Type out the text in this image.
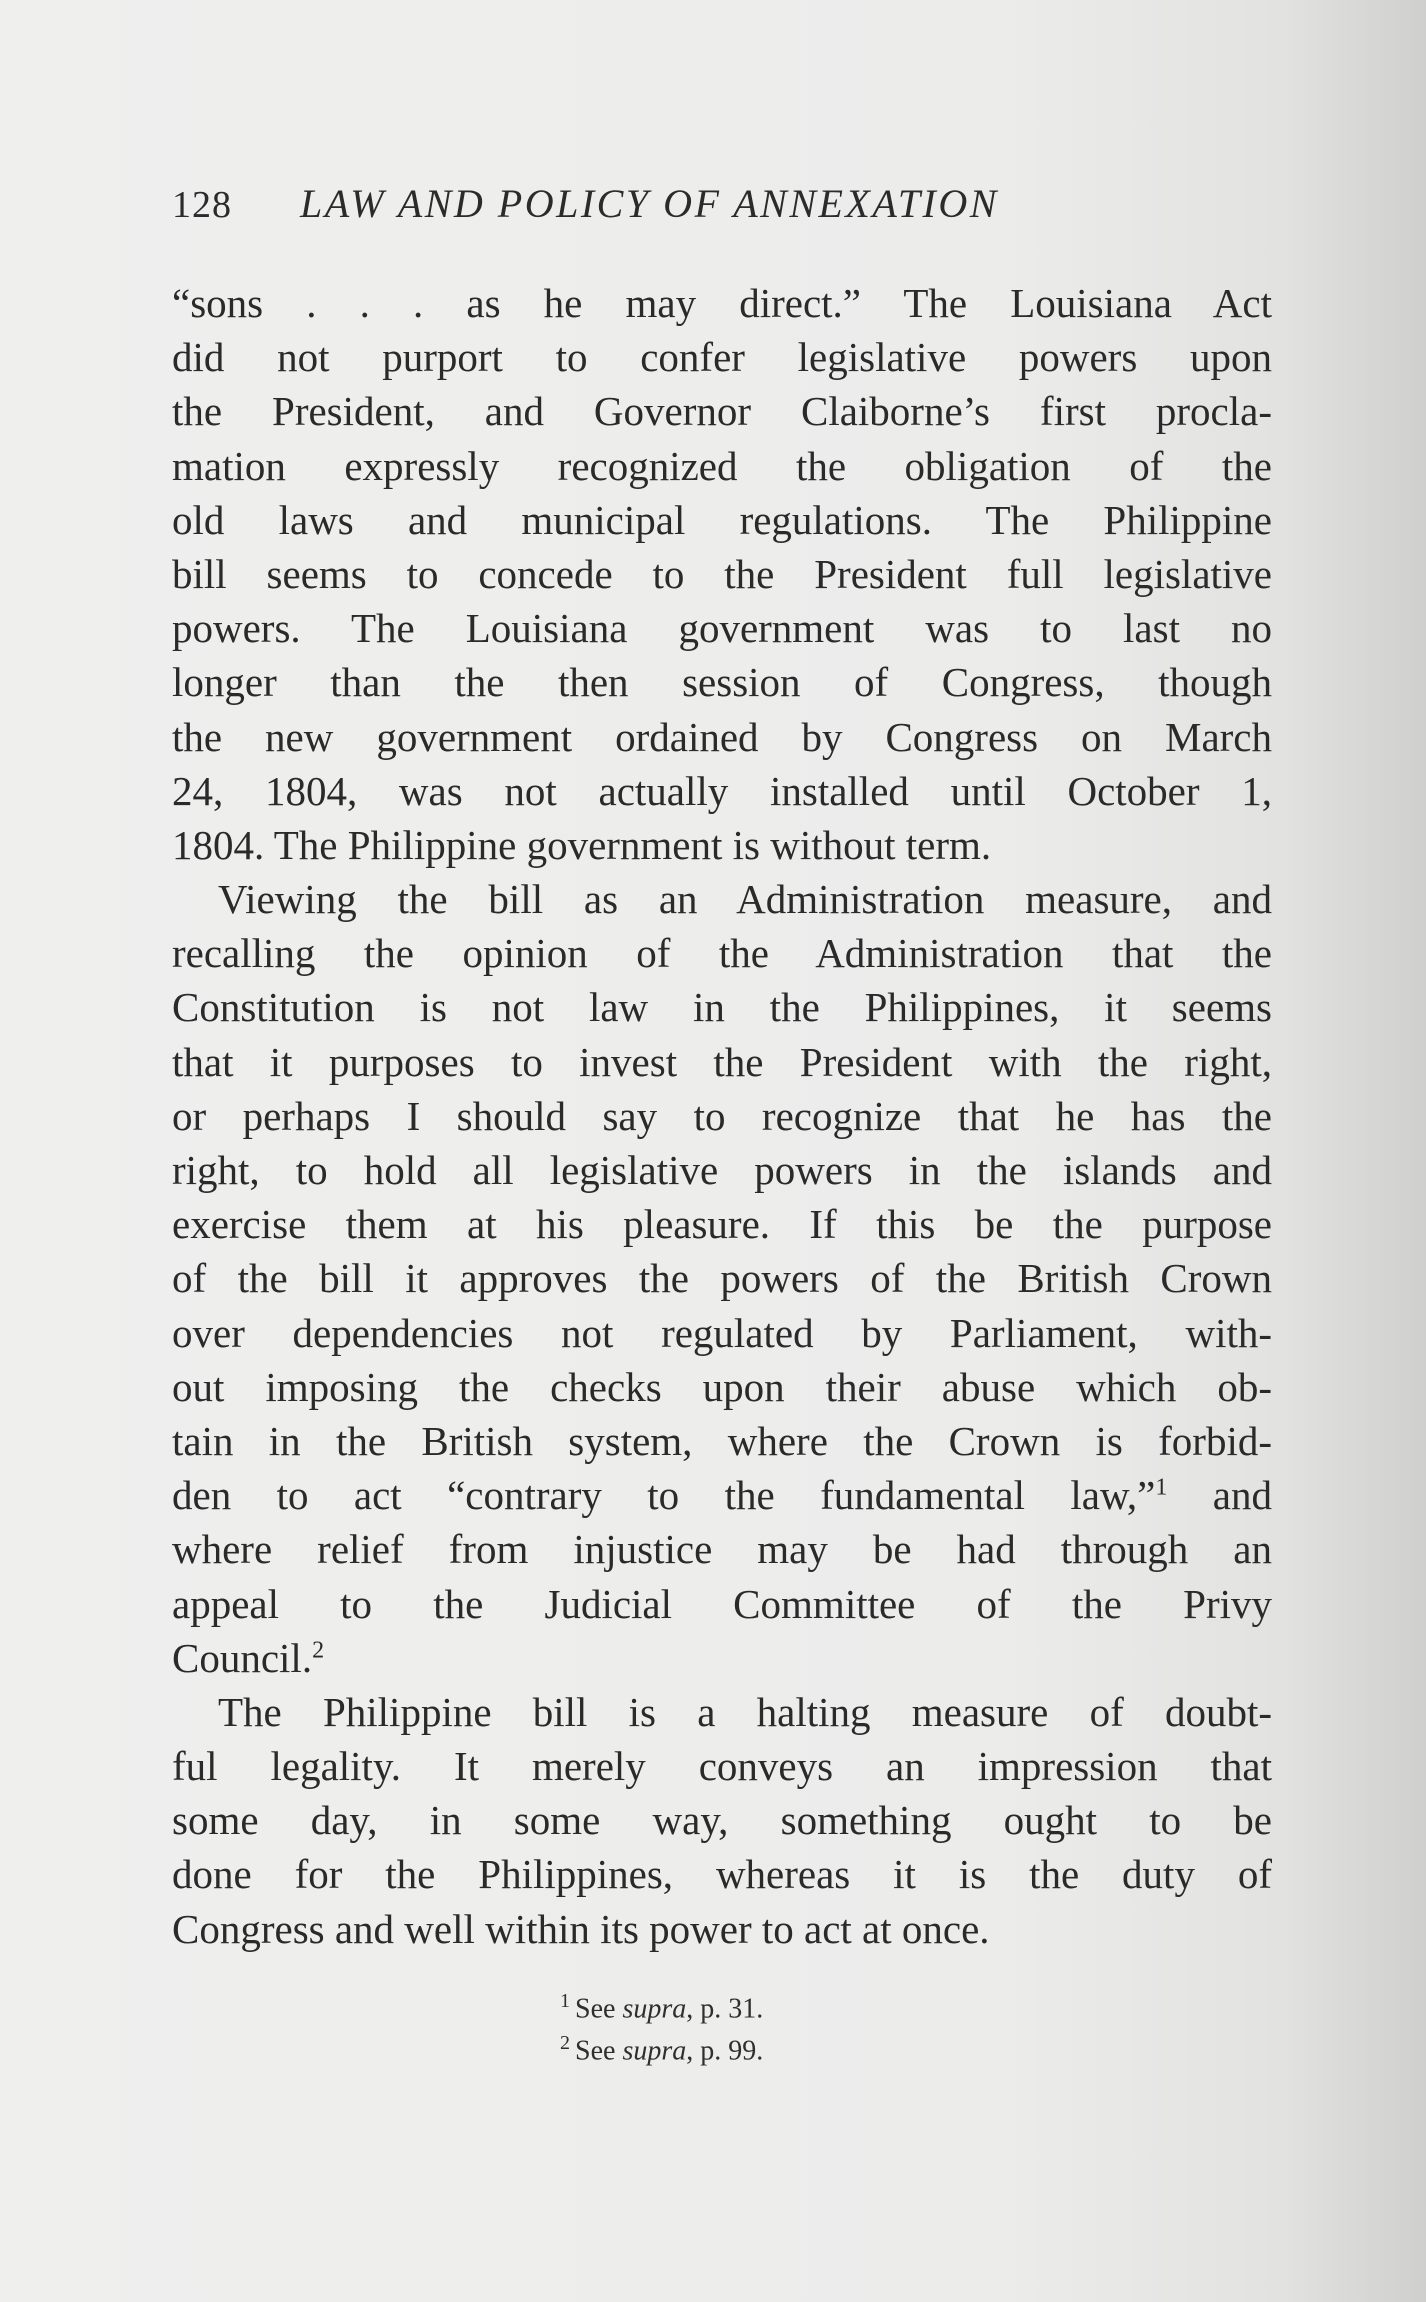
128 LAW AND POLICY OF ANNEXATION
“sons . . . as he may direct.” The Louisiana Act
did not purport to confer legislative powers upon
the President, and Governor Claiborne’s first procla-
mation expressly recognized the obligation of the
old laws and municipal regulations. The Philippine
bill seems to concede to the President full legislative
powers. The Louisiana government was to last no
longer than the then session of Congress, though
the new government ordained by Congress on March
24, 1804, was not actually installed until October 1,
1804. The Philippine government is without term.
Viewing the bill as an Administration measure, and
recalling the opinion of the Administration that the
Constitution is not law in the Philippines, it seems
that it purposes to invest the President with the right,
or perhaps I should say to recognize that he has the
right, to hold all legislative powers in the islands and
exercise them at his pleasure. If this be the purpose
of the bill it approves the powers of the British Crown
over dependencies not regulated by Parliament, with-
out imposing the checks upon their abuse which ob-
tain in the British system, where the Crown is forbid-
den to act “contrary to the fundamental law,”$^1$ and
where relief from injustice may be had through an
appeal to the Judicial Committee of the Privy
Council.$^2$
The Philippine bill is a halting measure of doubt-
ful legality. It merely conveys an impression that
some day, in some way, something ought to be
done for the Philippines, whereas it is the duty of
Congress and well within its power to act at once.
$^1$ See supra, p. 31.
$^2$ See supra, p. 99.
